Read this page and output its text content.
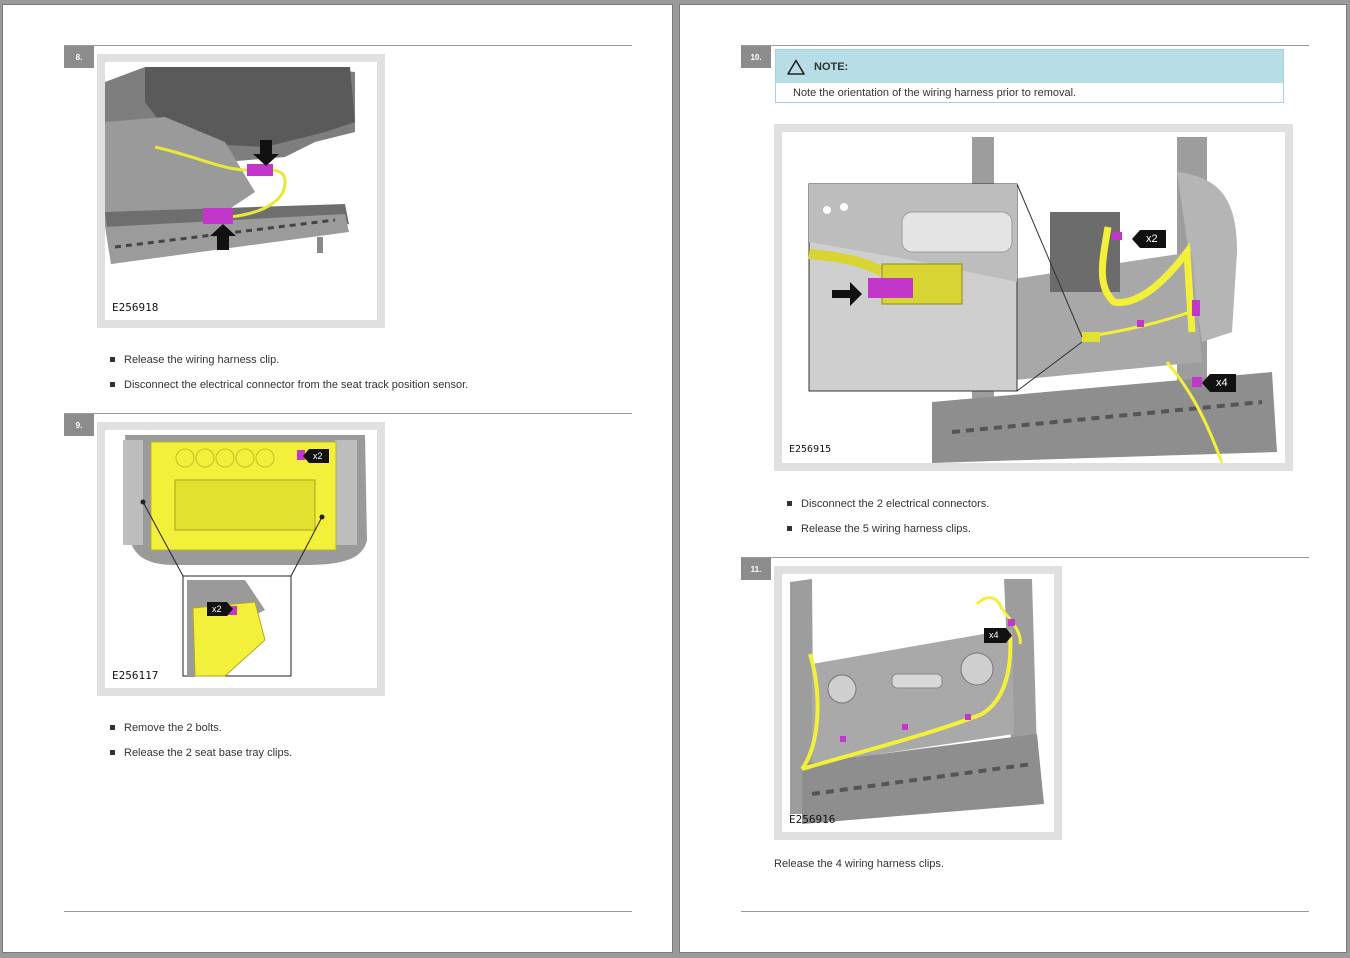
8.
E256918
Release the wiring harness clip.
Disconnect the electrical connector from the seat track position sensor.
9.
x2
x2
E256117
Remove the 2 bolts.
Release the 2 seat base tray clips.
10.
NOTE:
Note the orientation of the wiring harness prior to removal.
x2
x4
E256915
Disconnect the 2 electrical connectors.
Release the 5 wiring harness clips.
11.
x4
E256916
Release the 4 wiring harness clips.
